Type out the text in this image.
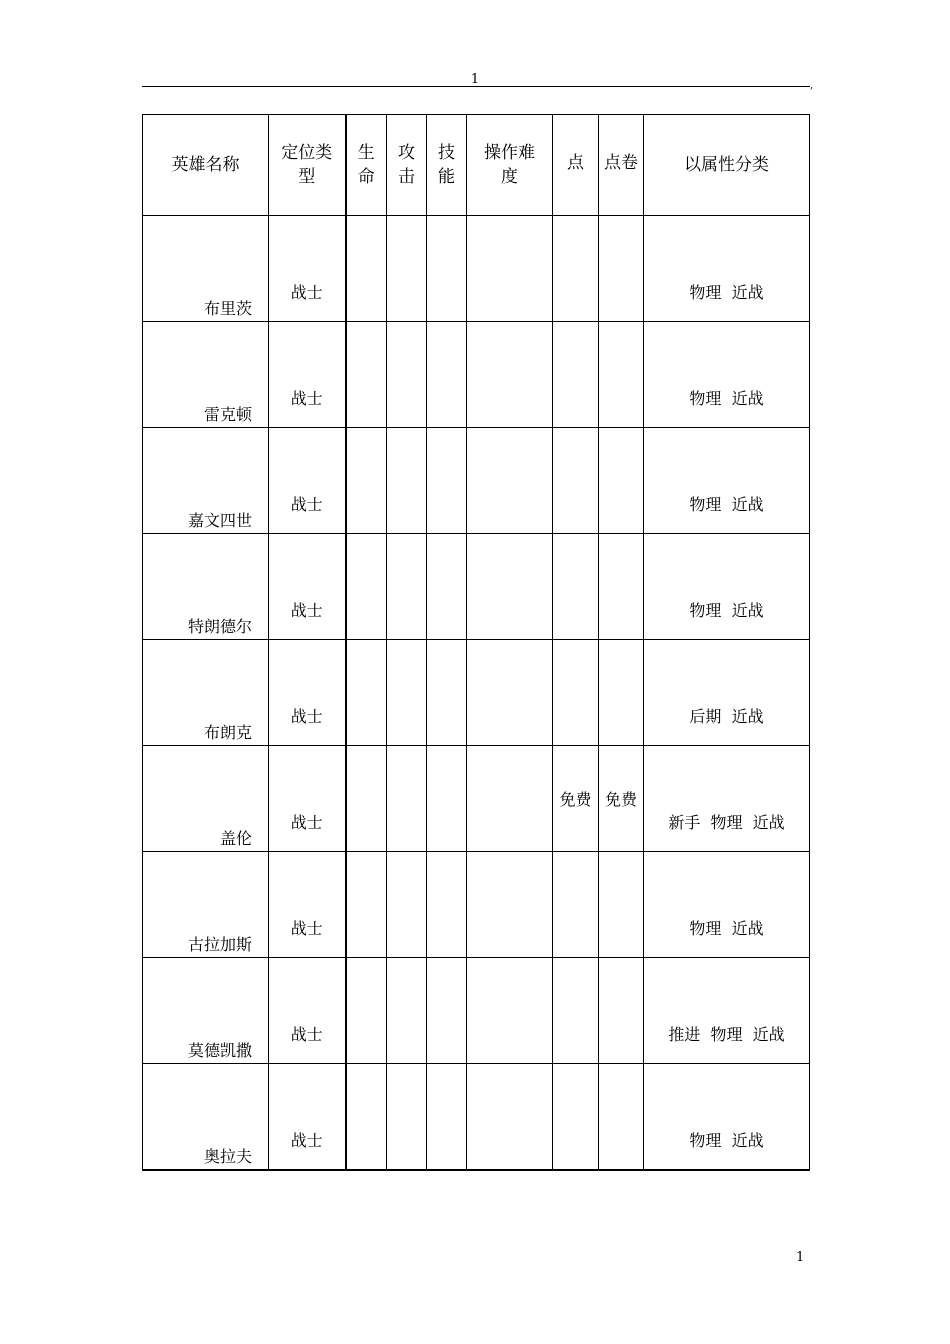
1	,
英雄名称	定位类型	生命	攻击	技能	操作难度	点	点卷	以属性分类

布里茨	战士							物理  近战

雷克顿	战士							物理  近战

嘉文四世	战士							物理  近战

特朗德尔	战士							物理  近战

布朗克	战士							后期  近战

盖伦	战士					免费	免费	新手  物理  近战

古拉加斯	战士							物理  近战

莫德凯撒	战士							推进  物理  近战

奥拉夫	战士							物理  近战
1
